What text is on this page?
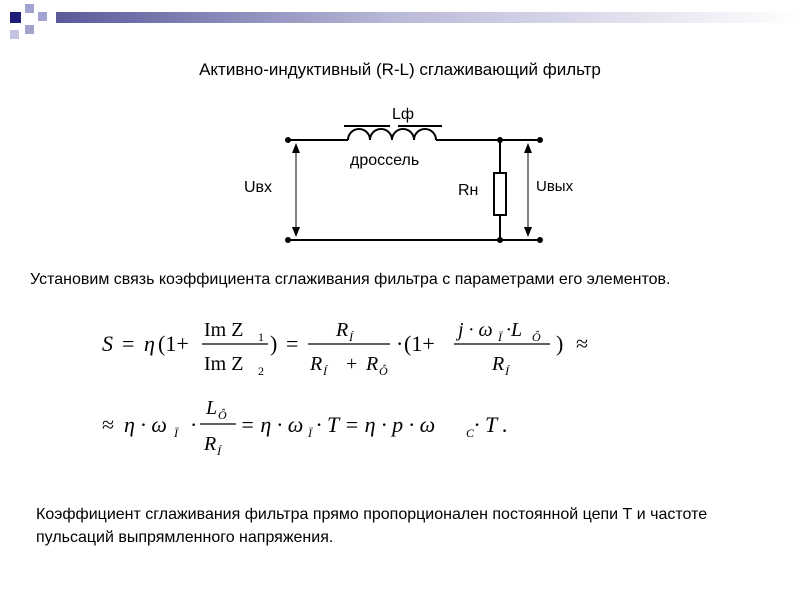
Активно-индуктивный (R-L) сглаживающий фильтр
Lф
дроссель
Uвх	Rн	Uвых
Установим связь коэффициента сглаживания фильтра с параметрами его элементов.
S = η (1+
Im Z 1
Im Z 2
) =
R Í
R Í + R Ô
· (1+
j · ω Ï ·L Ô
R Í
) ≈
≈ η · ω Ï ·
L Ô
R Í
= η · ω Ï · T = η · p · ω	C · T .
Коэффициент сглаживания фильтра прямо пропорционален постоянной цепи Т и частоте пульсаций выпрямленного напряжения.
